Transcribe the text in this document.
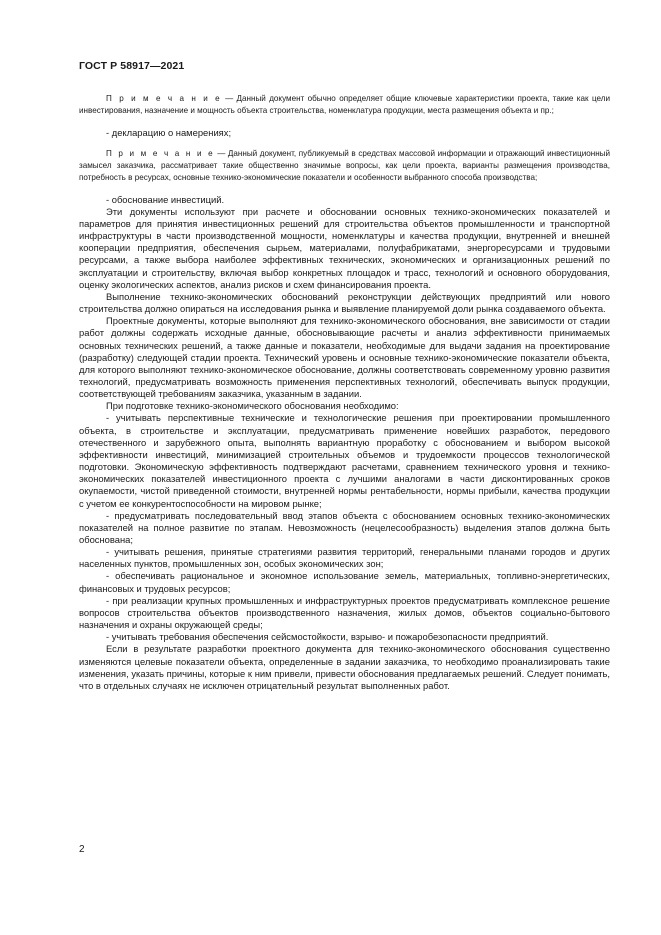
ГОСТ Р 58917—2021

П р и м е ч а н и е — Данный документ обычно определяет общие ключевые характеристики проекта, такие как цели инвестирования, назначение и мощность объекта строительства, номенклатура продукции, места размещения объекта и пр.;

- декларацию о намерениях;

П р и м е ч а н и е — Данный документ, публикуемый в средствах массовой информации и отражающий инвестиционный замысел заказчика, рассматривает такие общественно значимые вопросы, как цели проекта, варианты размещения производства, потребность в ресурсах, основные технико-экономические показатели и особенности выбранного способа производства;

- обоснование инвестиций.

Эти документы используют при расчете и обосновании основных технико-экономических показателей и параметров для принятия инвестиционных решений для строительства объектов промышленности и транспортной инфраструктуры в части производственной мощности, номенклатуры и качества продукции, внутренней и внешней кооперации предприятия, обеспечения сырьем, материалами, полуфабрикатами, энергоресурсами и трудовыми ресурсами, а также выбора наиболее эффективных технических, экономических и организационных решений по эксплуатации и строительству, включая выбор конкретных площадок и трасс, технологий и основного оборудования, оценку экологических аспектов, анализ рисков и схем финансирования проекта.

Выполнение технико-экономических обоснований реконструкции действующих предприятий или нового строительства должно опираться на исследования рынка и выявление планируемой доли рынка создаваемого объекта.

Проектные документы, которые выполняют для технико-экономического обоснования, вне зависимости от стадии работ должны содержать исходные данные, обосновывающие расчеты и анализ эффективности принимаемых основных технических решений, а также данные и показатели, необходимые для выдачи задания на проектирование (разработку) следующей стадии проекта. Технический уровень и основные технико-экономические показатели объекта, для которого выполняют технико-экономическое обоснование, должны соответствовать современному уровню развития технологий, предусматривать возможность применения перспективных технологий, обеспечивать выпуск продукции, соответствующей требованиям заказчика, указанным в задании.

При подготовке технико-экономического обоснования необходимо:

- учитывать перспективные технические и технологические решения при проектировании промышленного объекта, в строительстве и эксплуатации, предусматривать применение новейших разработок, передового отечественного и зарубежного опыта, выполнять вариантную проработку с обоснованием и выбором высокой эффективности инвестиций, минимизацией строительных объемов и трудоемкости процессов технологической подготовки. Экономическую эффективность подтверждают расчетами, сравнением технического уровня и технико-экономических показателей инвестиционного проекта с лучшими аналогами в части дисконтированных сроков окупаемости, чистой приведенной стоимости, внутренней нормы рентабельности, нормы прибыли, качества продукции с учетом ее конкурентоспособности на мировом рынке;

- предусматривать последовательный ввод этапов объекта с обоснованием основных технико-экономических показателей на полное развитие по этапам. Невозможность (нецелесообразность) выделения этапов должна быть обоснована;

- учитывать решения, принятые стратегиями развития территорий, генеральными планами городов и других населенных пунктов, промышленных зон, особых экономических зон;

- обеспечивать рациональное и экономное использование земель, материальных, топливно-энергетических, финансовых и трудовых ресурсов;

- при реализации крупных промышленных и инфраструктурных проектов предусматривать комплексное решение вопросов строительства объектов производственного назначения, жилых домов, объектов социально-бытового назначения и охраны окружающей среды;

- учитывать требования обеспечения сейсмостойкости, взрыво- и пожаробезопасности предприятий.

Если в результате разработки проектного документа для технико-экономического обоснования существенно изменяются целевые показатели объекта, определенные в задании заказчика, то необходимо проанализировать такие изменения, указать причины, которые к ним привели, привести обоснования предлагаемых решений. Следует понимать, что в отдельных случаях не исключен отрицательный результат выполненных работ.

2
